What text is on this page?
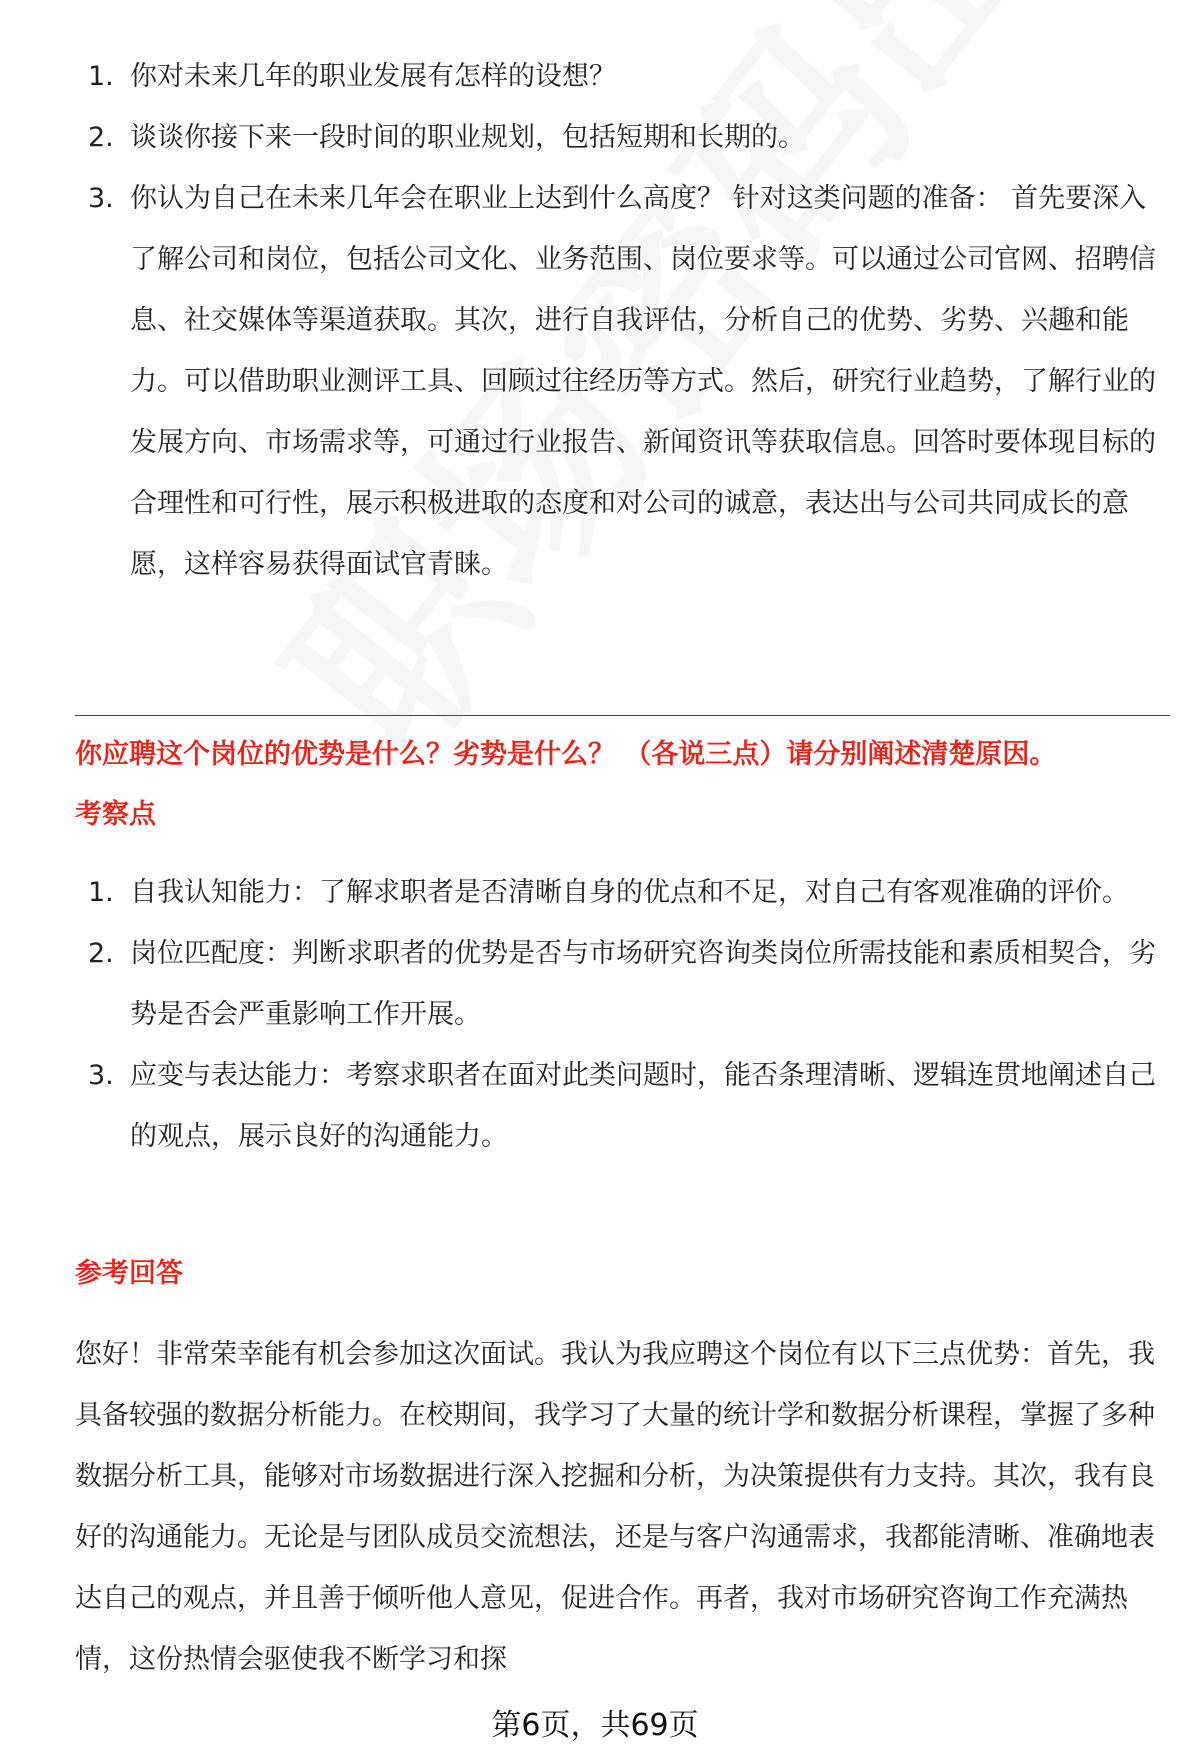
1. 你对未来几年的职业发展有怎样的设想？
2. 谈谈你接下来一段时间的职业规划，包括短期和长期的。
3. 你认为自己在未来几年会在职业上达到什么高度？ 针对这类问题的准备： 首先要深入了解公司和岗位，包括公司文化、业务范围、岗位要求等。可以通过公司官网、招聘信息、社交媒体等渠道获取。其次，进行自我评估，分析自己的优势、劣势、兴趣和能力。可以借助职业测评工具、回顾过往经历等方式。然后，研究行业趋势，了解行业的发展方向、市场需求等，可通过行业报告、新闻资讯等获取信息。回答时要体现目标的合理性和可行性，展示积极进取的态度和对公司的诚意，表达出与公司共同成长的意愿，这样容易获得面试官青睐。
你应聘这个岗位的优势是什么？劣势是什么？ （各说三点）请分别阐述清楚原因。
考察点
1. 自我认知能力：了解求职者是否清晰自身的优点和不足，对自己有客观准确的评价。
2. 岗位匹配度：判断求职者的优势是否与市场研究咨询类岗位所需技能和素质相契合，劣势是否会严重影响工作开展。
3. 应变与表达能力：考察求职者在面对此类问题时，能否条理清晰、逻辑连贯地阐述自己的观点，展示良好的沟通能力。
参考回答

您好！非常荣幸能有机会参加这次面试。我认为我应聘这个岗位有以下三点优势：首先，我具备较强的数据分析能力。在校期间，我学习了大量的统计学和数据分析课程，掌握了多种数据分析工具，能够对市场数据进行深入挖掘和分析，为决策提供有力支持。其次，我有良好的沟通能力。无论是与团队成员交流想法，还是与客户沟通需求，我都能清晰、准确地表达自己的观点，并且善于倾听他人意见，促进合作。再者，我对市场研究咨询工作充满热情，这份热情会驱使我不断学习和探

第6页，共69页
